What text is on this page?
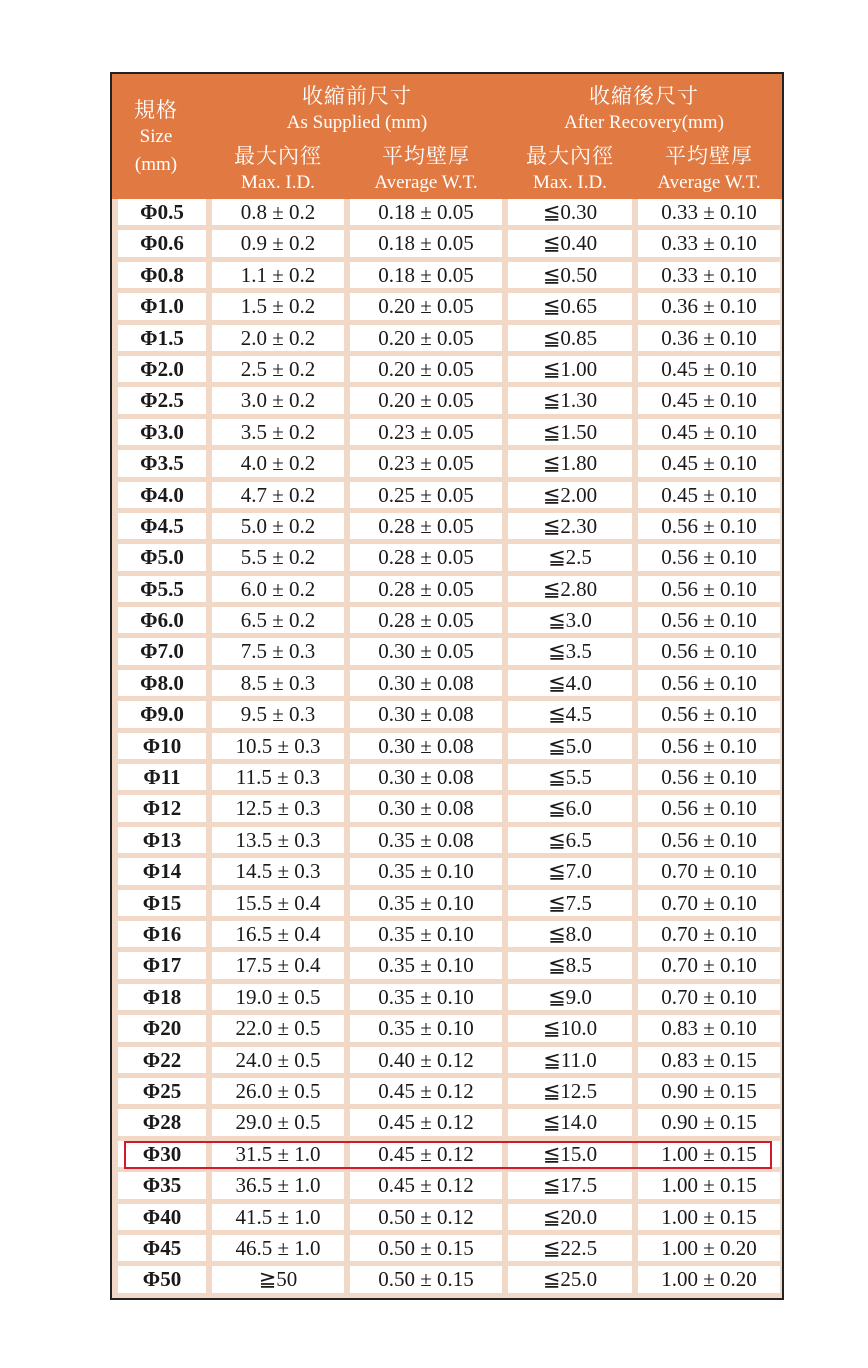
規格
Size
(mm)
收縮前尺寸
As Supplied (mm)
收縮後尺寸
After Recovery(mm)
最大內徑	平均壁厚	最大內徑	平均壁厚
Max. I.D.	Average W.T.	Max. I.D.	Average W.T.
Φ0.5	0.8 ± 0.2	0.18 ± 0.05	≦0.30	0.33 ± 0.10
Φ0.6	0.9 ± 0.2	0.18 ± 0.05	≦0.40	0.33 ± 0.10
Φ0.8	1.1 ± 0.2	0.18 ± 0.05	≦0.50	0.33 ± 0.10
Φ1.0	1.5 ± 0.2	0.20 ± 0.05	≦0.65	0.36 ± 0.10
Φ1.5	2.0 ± 0.2	0.20 ± 0.05	≦0.85	0.36 ± 0.10
Φ2.0	2.5 ± 0.2	0.20 ± 0.05	≦1.00	0.45 ± 0.10
Φ2.5	3.0 ± 0.2	0.20 ± 0.05	≦1.30	0.45 ± 0.10
Φ3.0	3.5 ± 0.2	0.23 ± 0.05	≦1.50	0.45 ± 0.10
Φ3.5	4.0 ± 0.2	0.23 ± 0.05	≦1.80	0.45 ± 0.10
Φ4.0	4.7 ± 0.2	0.25 ± 0.05	≦2.00	0.45 ± 0.10
Φ4.5	5.0 ± 0.2	0.28 ± 0.05	≦2.30	0.56 ± 0.10
Φ5.0	5.5 ± 0.2	0.28 ± 0.05	≦2.5	0.56 ± 0.10
Φ5.5	6.0 ± 0.2	0.28 ± 0.05	≦2.80	0.56 ± 0.10
Φ6.0	6.5 ± 0.2	0.28 ± 0.05	≦3.0	0.56 ± 0.10
Φ7.0	7.5 ± 0.3	0.30 ± 0.05	≦3.5	0.56 ± 0.10
Φ8.0	8.5 ± 0.3	0.30 ± 0.08	≦4.0	0.56 ± 0.10
Φ9.0	9.5 ± 0.3	0.30 ± 0.08	≦4.5	0.56 ± 0.10
Φ10	10.5 ± 0.3	0.30 ± 0.08	≦5.0	0.56 ± 0.10
Φ11	11.5 ± 0.3	0.30 ± 0.08	≦5.5	0.56 ± 0.10
Φ12	12.5 ± 0.3	0.30 ± 0.08	≦6.0	0.56 ± 0.10
Φ13	13.5 ± 0.3	0.35 ± 0.08	≦6.5	0.56 ± 0.10
Φ14	14.5 ± 0.3	0.35 ± 0.10	≦7.0	0.70 ± 0.10
Φ15	15.5 ± 0.4	0.35 ± 0.10	≦7.5	0.70 ± 0.10
Φ16	16.5 ± 0.4	0.35 ± 0.10	≦8.0	0.70 ± 0.10
Φ17	17.5 ± 0.4	0.35 ± 0.10	≦8.5	0.70 ± 0.10
Φ18	19.0 ± 0.5	0.35 ± 0.10	≦9.0	0.70 ± 0.10
Φ20	22.0 ± 0.5	0.35 ± 0.10	≦10.0	0.83 ± 0.10
Φ22	24.0 ± 0.5	0.40 ± 0.12	≦11.0	0.83 ± 0.15
Φ25	26.0 ± 0.5	0.45 ± 0.12	≦12.5	0.90 ± 0.15
Φ28	29.0 ± 0.5	0.45 ± 0.12	≦14.0	0.90 ± 0.15
Φ30	31.5 ± 1.0	0.45 ± 0.12	≦15.0	1.00 ± 0.15
Φ35	36.5 ± 1.0	0.45 ± 0.12	≦17.5	1.00 ± 0.15
Φ40	41.5 ± 1.0	0.50 ± 0.12	≦20.0	1.00 ± 0.15
Φ45	46.5 ± 1.0	0.50 ± 0.15	≦22.5	1.00 ± 0.20
Φ50	≧50	0.50 ± 0.15	≦25.0	1.00 ± 0.20
